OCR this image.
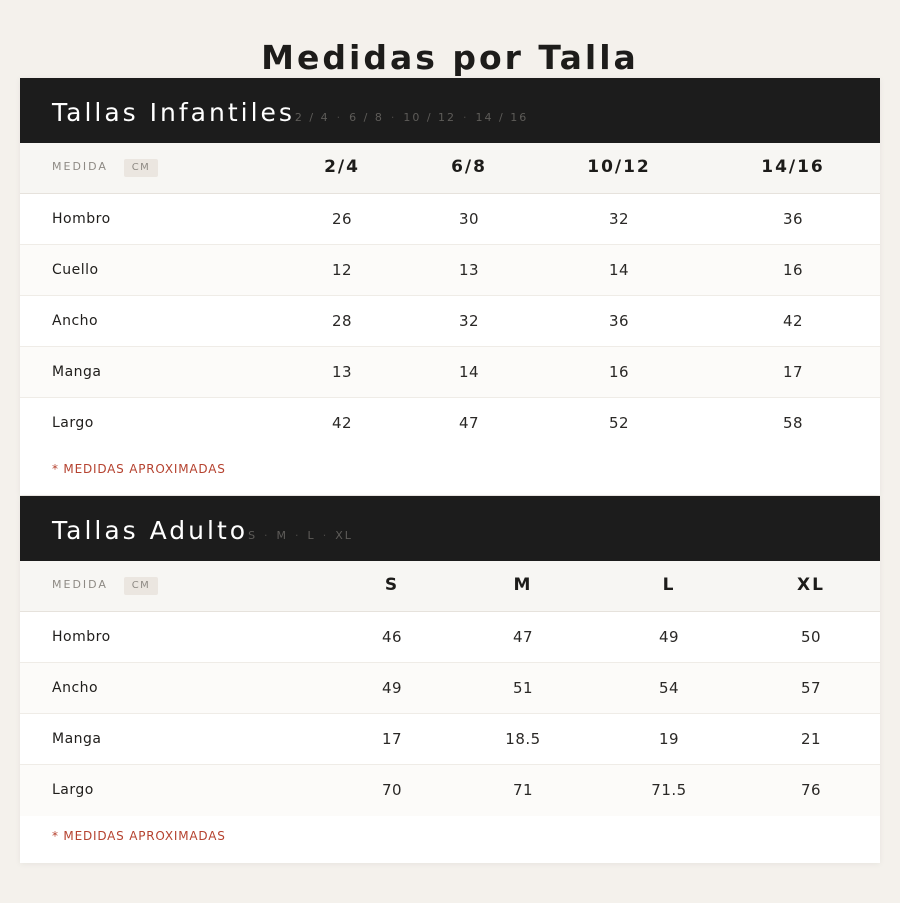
Medidas por Talla
Tallas Infantiles 2 / 4 · 6 / 8 · 10 / 12 · 14 / 16
MEDIDA	CM	2/4	6/8	10/12	14/16
Hombro	26	30	32	36
Cuello	12	13	14	16
Ancho	28	32	36	42
Manga	13	14	16	17
Largo	42	47	52	58
* MEDIDAS APROXIMADAS
Tallas Adulto S · M · L · XL
MEDIDA	CM	S	M	L	XL
Hombro	46	47	49	50
Ancho	49	51	54	57
Manga	17	18.5	19	21
Largo	70	71	71.5	76
* MEDIDAS APROXIMADAS
